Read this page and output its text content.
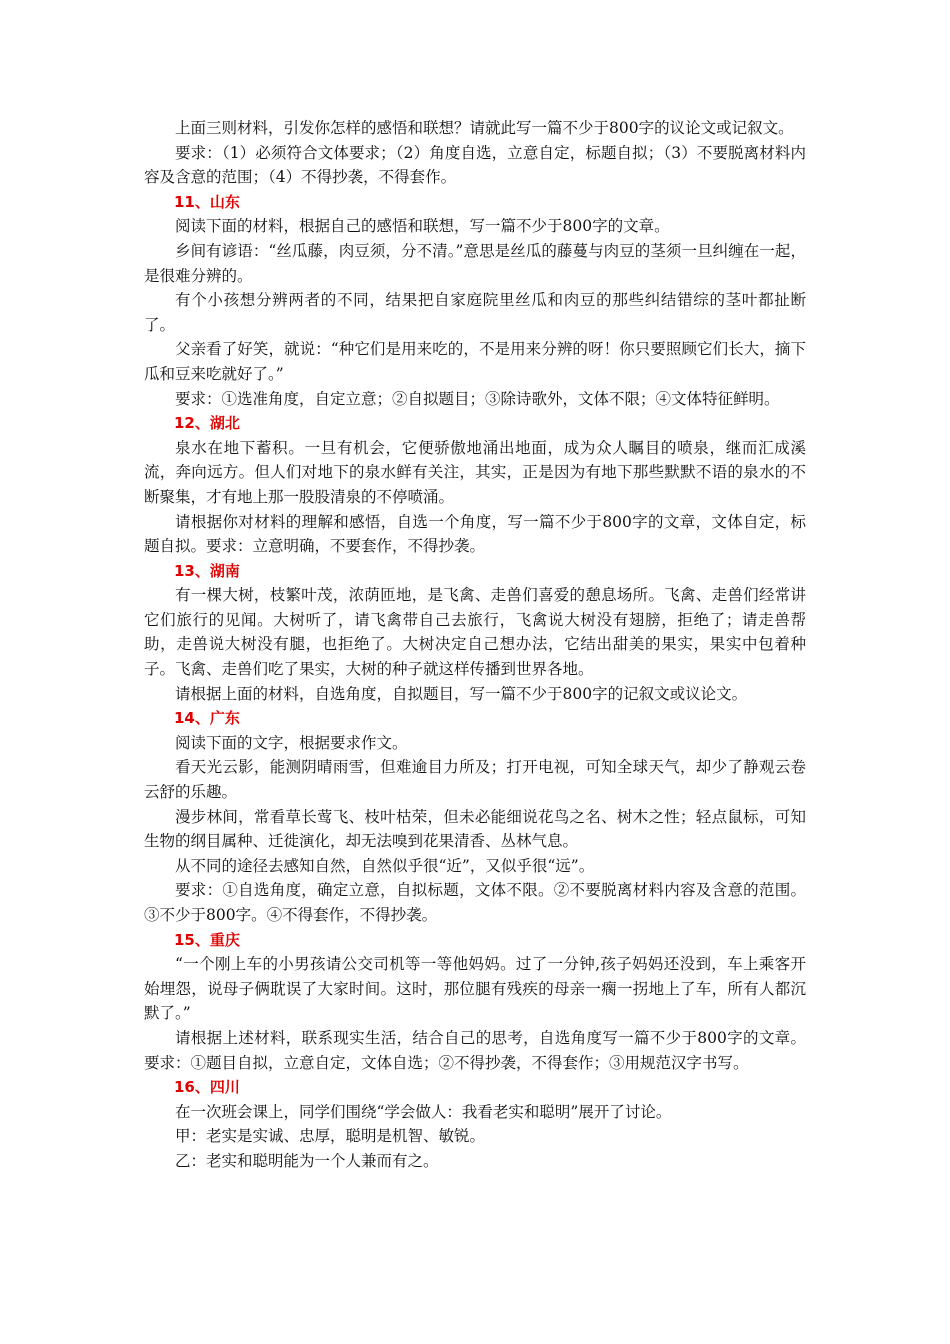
上面三则材料，引发你怎样的感悟和联想？请就此写一篇不少于800字的议论文或记叙文。

要求：（1）必须符合文体要求；（2）角度自选，立意自定，标题自拟；（3）不要脱离材料内容及含意的范围；（4）不得抄袭，不得套作。

11、山东

阅读下面的材料，根据自己的感悟和联想，写一篇不少于800字的文章。

乡间有谚语：“丝瓜藤，肉豆须，分不清。”意思是丝瓜的藤蔓与肉豆的茎须一旦纠缠在一起，是很难分辨的。

有个小孩想分辨两者的不同，结果把自家庭院里丝瓜和肉豆的那些纠结错综的茎叶都扯断了。

父亲看了好笑，就说：“种它们是用来吃的，不是用来分辨的呀！你只要照顾它们长大，摘下瓜和豆来吃就好了。”

要求：①选准角度，自定立意；②自拟题目；③除诗歌外，文体不限；④文体特征鲜明。

12、湖北

泉水在地下蓄积。一旦有机会，它便骄傲地涌出地面，成为众人瞩目的喷泉，继而汇成溪流，奔向远方。但人们对地下的泉水鲜有关注，其实，正是因为有地下那些默默不语的泉水的不断聚集，才有地上那一股股清泉的不停喷涌。

请根据你对材料的理解和感悟，自选一个角度，写一篇不少于800字的文章，文体自定，标题自拟。要求：立意明确，不要套作，不得抄袭。

13、湖南

有一棵大树，枝繁叶茂，浓荫匝地，是飞禽、走兽们喜爱的憩息场所。飞禽、走兽们经常讲它们旅行的见闻。大树听了，请飞禽带自己去旅行，飞禽说大树没有翅膀，拒绝了；请走兽帮助，走兽说大树没有腿，也拒绝了。大树决定自己想办法，它结出甜美的果实，果实中包着种子。飞禽、走兽们吃了果实，大树的种子就这样传播到世界各地。

请根据上面的材料，自选角度，自拟题目，写一篇不少于800字的记叙文或议论文。

14、广东

阅读下面的文字，根据要求作文。

看天光云影，能测阴晴雨雪，但难逾目力所及；打开电视，可知全球天气，却少了静观云卷云舒的乐趣。

漫步林间，常看草长莺飞、枝叶枯荣，但未必能细说花鸟之名、树木之性；轻点鼠标，可知生物的纲目属种、迁徙演化，却无法嗅到花果清香、丛林气息。

从不同的途径去感知自然，自然似乎很“近”，又似乎很“远”。

要求：①自选角度，确定立意，自拟标题，文体不限。②不要脱离材料内容及含意的范围。③不少于800字。④不得套作，不得抄袭。

15、重庆

“一个刚上车的小男孩请公交司机等一等他妈妈。过了一分钟,孩子妈妈还没到，车上乘客开始埋怨，说母子俩耽误了大家时间。这时，那位腿有残疾的母亲一瘸一拐地上了车，所有人都沉默了。”

请根据上述材料，联系现实生活，结合自己的思考，自选角度写一篇不少于800字的文章。要求：①题目自拟，立意自定，文体自选；②不得抄袭，不得套作；③用规范汉字书写。

16、四川

在一次班会课上，同学们围绕“学会做人：我看老实和聪明”展开了讨论。

甲：老实是实诚、忠厚，聪明是机智、敏锐。

乙：老实和聪明能为一个人兼而有之。
